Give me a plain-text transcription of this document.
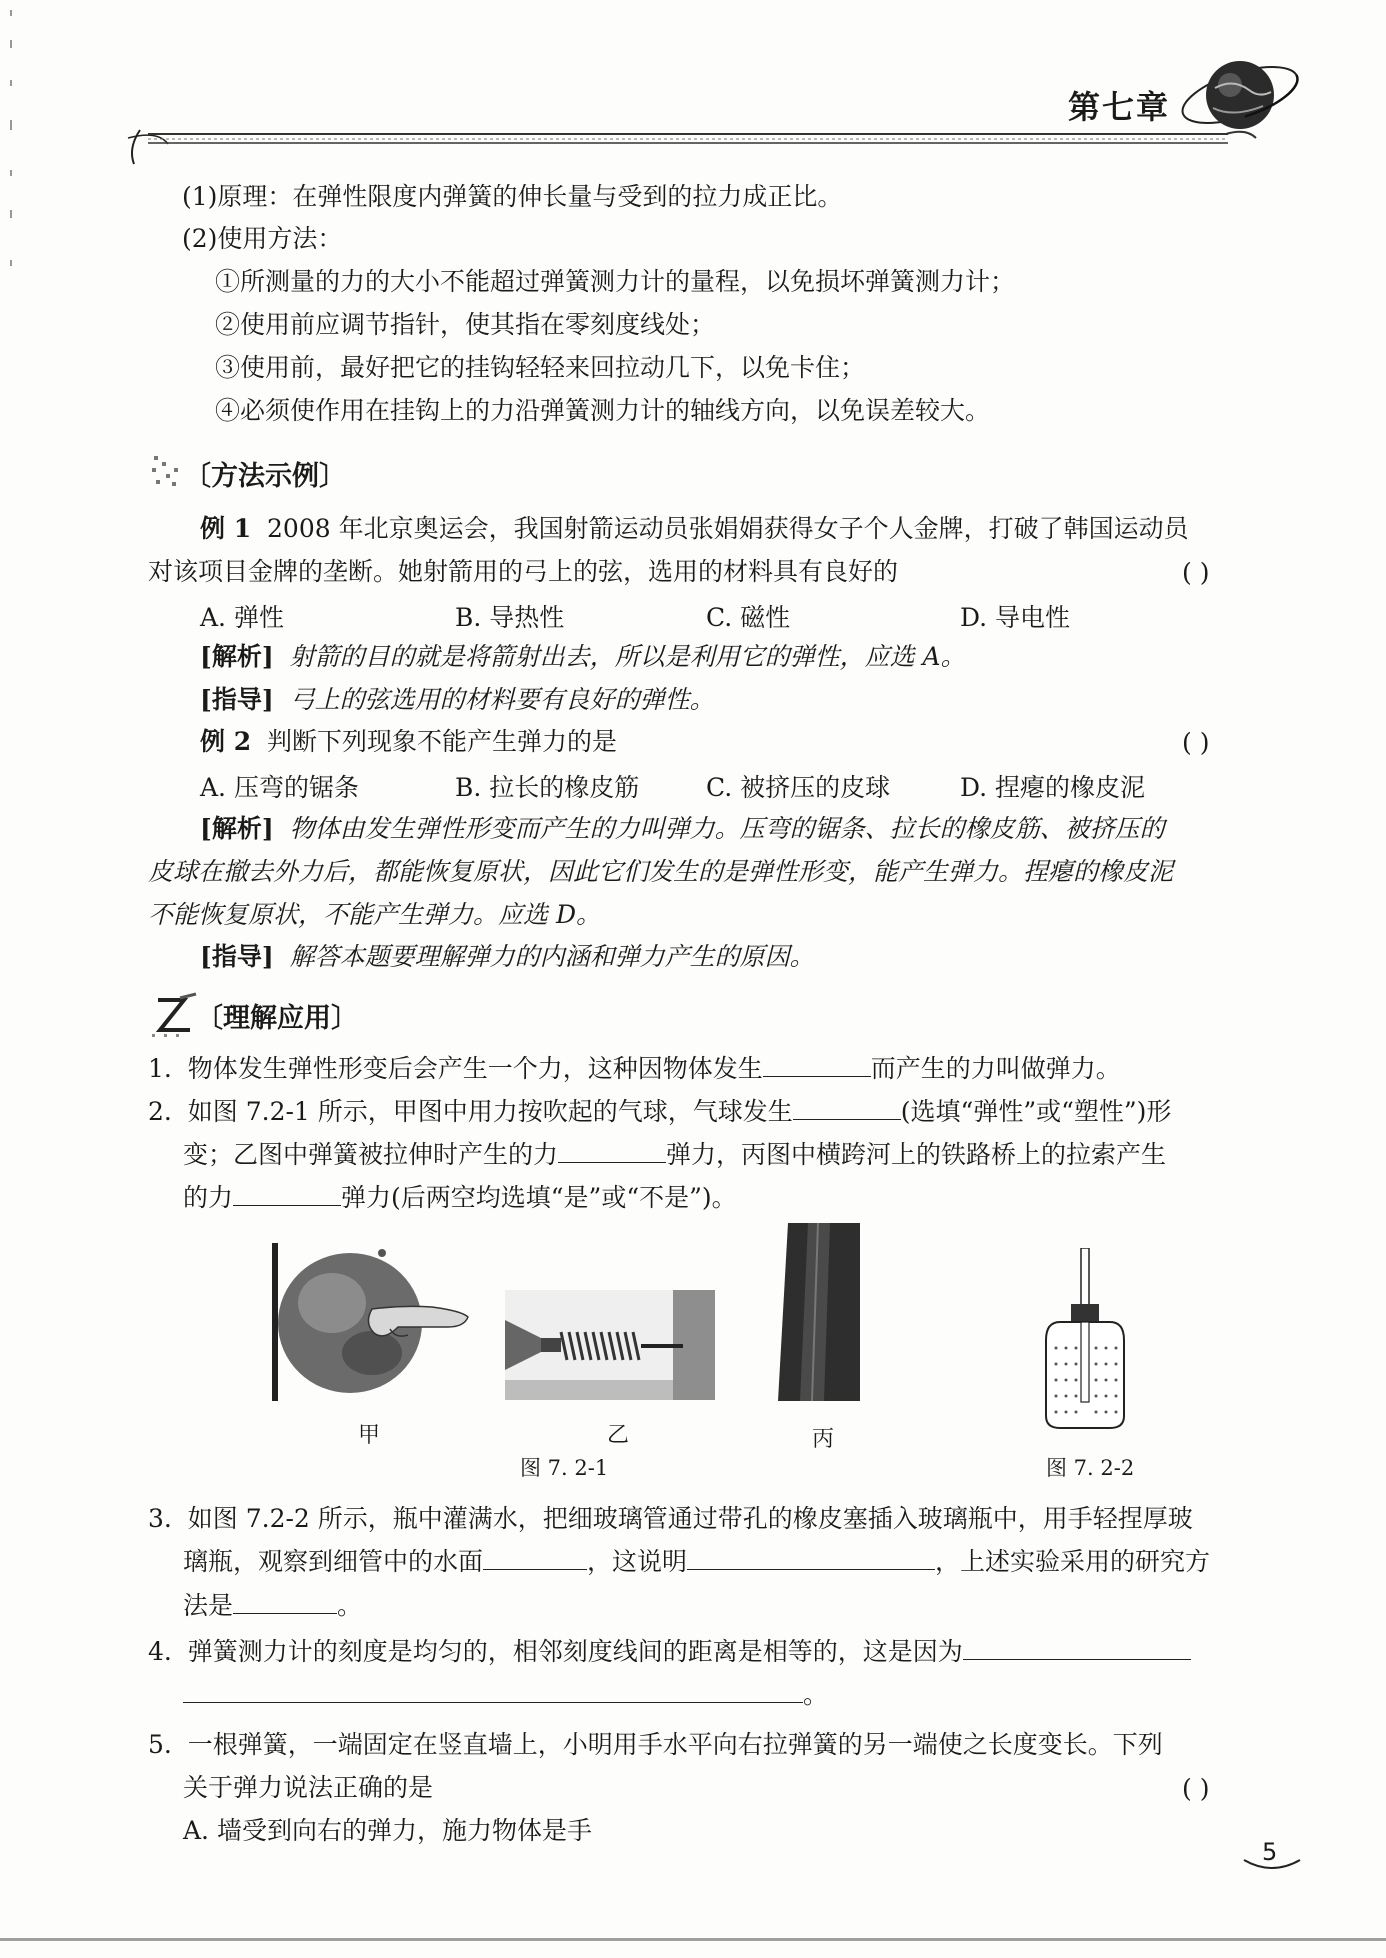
第七章
(1)原理：在弹性限度内弹簧的伸长量与受到的拉力成正比。
(2)使用方法：
①所测量的力的大小不能超过弹簧测力计的量程，以免损坏弹簧测力计；
②使用前应调节指针，使其指在零刻度线处；
③使用前，最好把它的挂钩轻轻来回拉动几下，以免卡住；
④必须使作用在挂钩上的力沿弹簧测力计的轴线方向，以免误差较大。
〔方法示例〕
例 1 2008 年北京奥运会，我国射箭运动员张娟娟获得女子个人金牌，打破了韩国运动员
对该项目金牌的垄断。她射箭用的弓上的弦，选用的材料具有良好的	( )
A. 弹性	B. 导热性	C. 磁性	D. 导电性
[解析] 射箭的目的就是将箭射出去，所以是利用它的弹性，应选 A。
[指导] 弓上的弦选用的材料要有良好的弹性。
例 2 判断下列现象不能产生弹力的是	( )
A. 压弯的锯条	B. 拉长的橡皮筋	C. 被挤压的皮球	D. 捏瘪的橡皮泥
[解析] 物体由发生弹性形变而产生的力叫弹力。压弯的锯条、拉长的橡皮筋、被挤压的
皮球在撤去外力后，都能恢复原状，因此它们发生的是弹性形变，能产生弹力。捏瘪的橡皮泥
不能恢复原状，不能产生弹力。应选 D。
[指导] 解答本题要理解弹力的内涵和弹力产生的原因。
〔理解应用〕
1. 物体发生弹性形变后会产生一个力，这种因物体发生	而产生的力叫做弹力。
2. 如图 7.2-1 所示，甲图中用力按吹起的气球，气球发生	(选填“弹性”或“塑性”)形
变；乙图中弹簧被拉伸时产生的力	弹力，丙图中横跨河上的铁路桥上的拉索产生
的力	弹力(后两空均选填“是”或“不是”)。
甲	乙	丙
图 7. 2-1	图 7. 2-2
3. 如图 7.2-2 所示，瓶中灌满水，把细玻璃管通过带孔的橡皮塞插入玻璃瓶中，用手轻捏厚玻
璃瓶，观察到细管中的水面	，这说明	，上述实验采用的研究方
法是	。
4. 弹簧测力计的刻度是均匀的，相邻刻度线间的距离是相等的，这是因为
。
5. 一根弹簧，一端固定在竖直墙上，小明用手水平向右拉弹簧的另一端使之长度变长。下列
关于弹力说法正确的是	( )
A. 墙受到向右的弹力，施力物体是手
5
